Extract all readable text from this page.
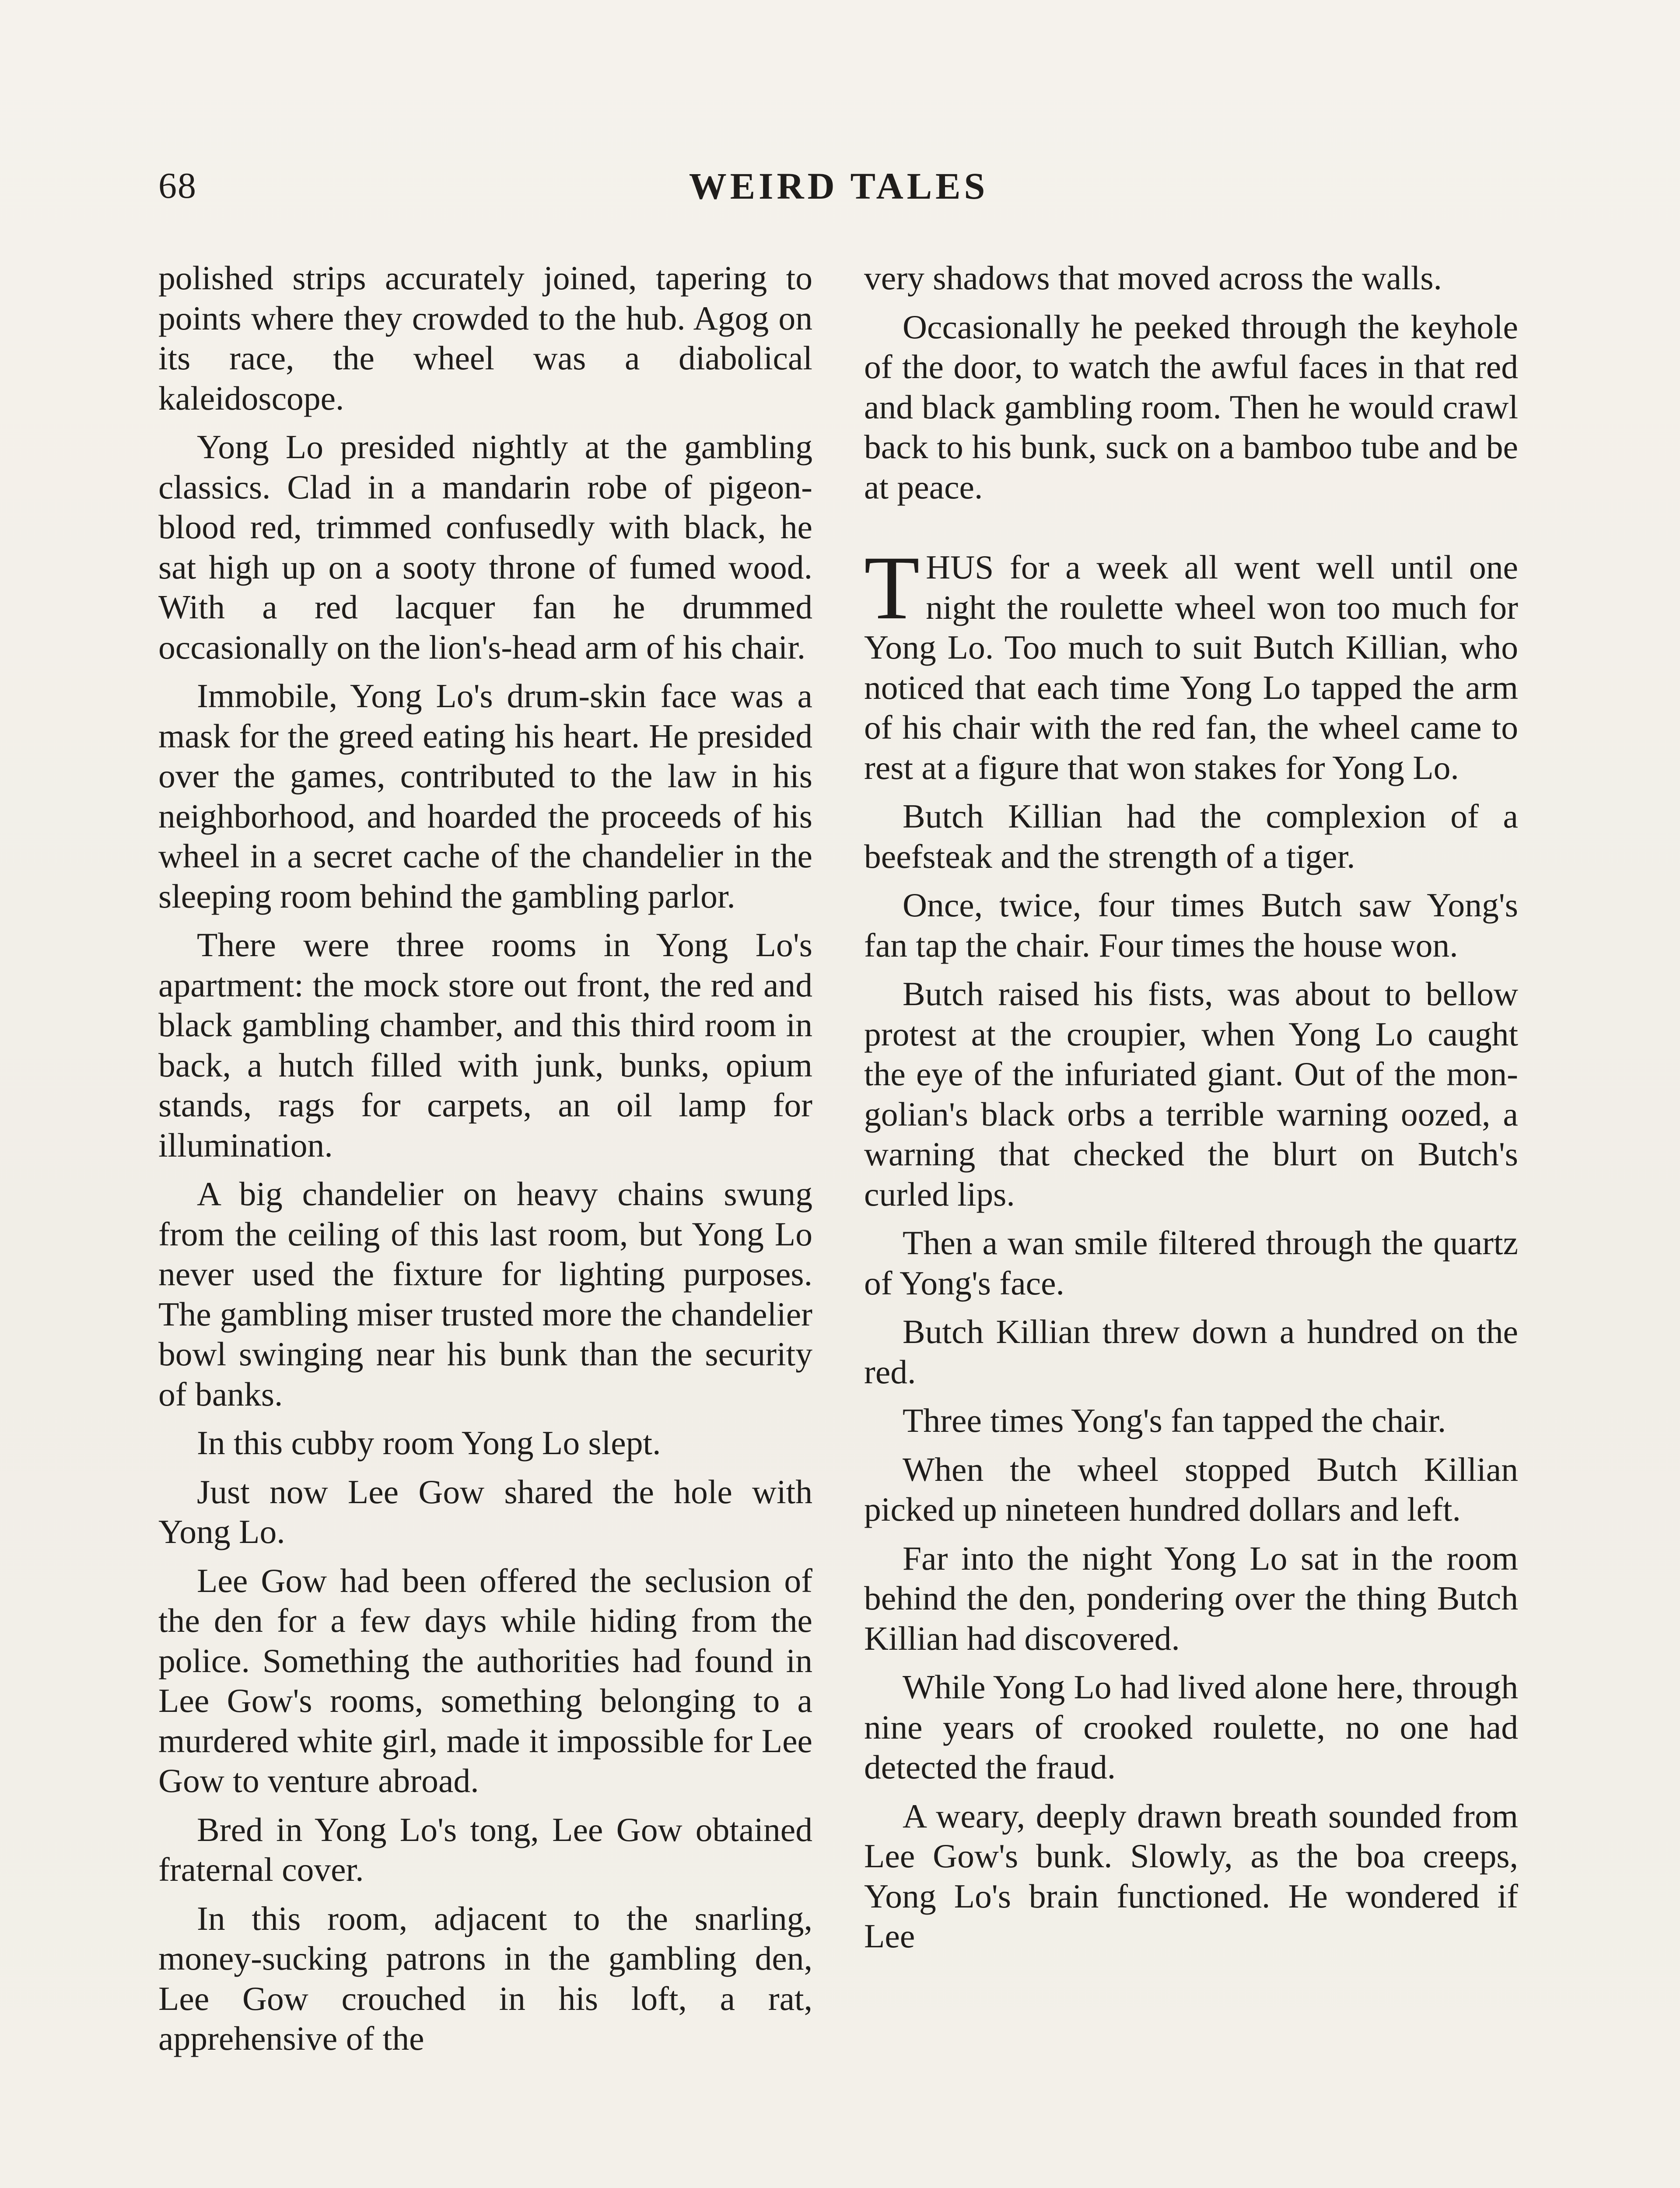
68	WEIRD TALES

polished strips accurately joined, tapering to points where they crowded to the hub. Agog on its race, the wheel was a diabolical kaleidoscope.

Yong Lo presided nightly at the gambling classics. Clad in a mandarin robe of pigeon-blood red, trimmed confusedly with black, he sat high up on a sooty throne of fumed wood. With a red lacquer fan he drummed occasionally on the lion's-head arm of his chair.

Immobile, Yong Lo's drum-skin face was a mask for the greed eating his heart. He presided over the games, contributed to the law in his neighborhood, and hoarded the proceeds of his wheel in a secret cache of the chandelier in the sleeping room behind the gambling parlor.

There were three rooms in Yong Lo's apartment: the mock store out front, the red and black gambling chamber, and this third room in back, a hutch filled with junk, bunks, opium stands, rags for carpets, an oil lamp for illumination.

A big chandelier on heavy chains swung from the ceiling of this last room, but Yong Lo never used the fixture for lighting purposes. The gambling miser trusted more the chandelier bowl swinging near his bunk than the security of banks.

In this cubby room Yong Lo slept.

Just now Lee Gow shared the hole with Yong Lo.

Lee Gow had been offered the seclusion of the den for a few days while hiding from the police. Something the authorities had found in Lee Gow's rooms, something belonging to a murdered white girl, made it impossible for Lee Gow to venture abroad.

Bred in Yong Lo's tong, Lee Gow obtained fraternal cover.

In this room, adjacent to the snarling, money-sucking patrons in the gambling den, Lee Gow crouched in his loft, a rat, apprehensive of the

very shadows that moved across the walls.

Occasionally he peeked through the keyhole of the door, to watch the awful faces in that red and black gambling room. Then he would crawl back to his bunk, suck on a bamboo tube and be at peace.

THUS for a week all went well until one night the roulette wheel won too much for Yong Lo. Too much to suit Butch Killian, who noticed that each time Yong Lo tapped the arm of his chair with the red fan, the wheel came to rest at a figure that won stakes for Yong Lo.

Butch Killian had the complexion of a beefsteak and the strength of a tiger.

Once, twice, four times Butch saw Yong's fan tap the chair. Four times the house won.

Butch raised his fists, was about to bellow protest at the croupier, when Yong Lo caught the eye of the infuriated giant. Out of the mongolian's black orbs a terrible warning oozed, a warning that checked the blurt on Butch's curled lips.

Then a wan smile filtered through the quartz of Yong's face.

Butch Killian threw down a hundred on the red.

Three times Yong's fan tapped the chair.

When the wheel stopped Butch Killian picked up nineteen hundred dollars and left.

Far into the night Yong Lo sat in the room behind the den, pondering over the thing Butch Killian had discovered.

While Yong Lo had lived alone here, through nine years of crooked roulette, no one had detected the fraud.

A weary, deeply drawn breath sounded from Lee Gow's bunk. Slowly, as the boa creeps, Yong Lo's brain functioned. He wondered if Lee
